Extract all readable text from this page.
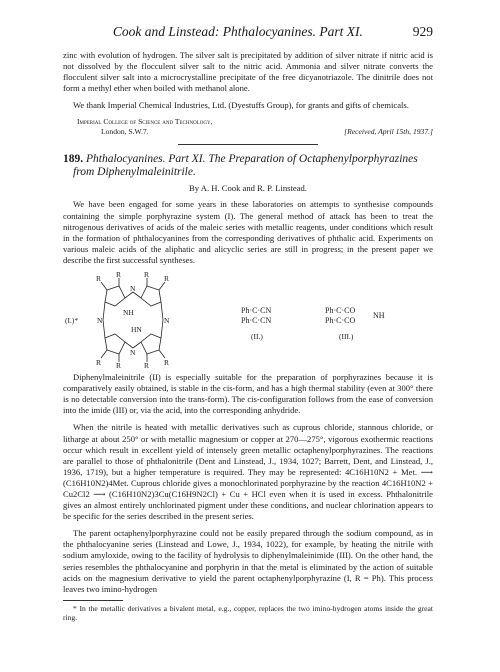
Cook and Linstead: Phthalocyanines. Part XI.	929

zinc with evolution of hydrogen. The silver salt is precipitated by addition of silver nitrate if nitric acid is not dissolved by the flocculent silver salt to the nitric acid. Ammonia and silver nitrate converts the flocculent silver salt into a microcrystalline precipitate of the free dicyanotriazole. The dinitrile does not form a methyl ether when boiled with methanol alone.

We thank Imperial Chemical Industries, Ltd. (Dyestuffs Group), for grants and gifts of chemicals.

Imperial College of Science and Technology,
London, S.W.7.	[Received, April 15th, 1937.]
189. Phthalocyanines. Part XI. The Preparation of Octaphenylporphyrazines from Diphenylmaleinitrile.
By A. H. Cook and R. P. Linstead.

We have been engaged for some years in these laboratories on attempts to synthesise compounds containing the simple porphyrazine system (I). The general method of attack has been to treat the nitrogenous derivatives of acids of the maleic series with metallic reagents, under conditions which result in the formation of phthalocyanines from the corresponding derivatives of phthalic acid. Experiments on various maleic acids of the aliphatic and alicyclic series are still in progress; in the present paper we describe the first successful syntheses.

R R	R R
R R	R R
N
N	N
N
NH
HN
(I.)*
Ph·C·CN
Ph·C·CN
(II.)
Ph·C·CO
Ph·C·CO
NH
(III.)

Diphenylmaleinitrile (II) is especially suitable for the preparation of porphyrazines because it is comparatively easily obtained, is stable in the cis-form, and has a high thermal stability (even at 300° there is no detectable conversion into the trans-form). The cis-configuration follows from the ease of conversion into the imide (III) or, via the acid, into the corresponding anhydride.

When the nitrile is heated with metallic derivatives such as cuprous chloride, stannous chloride, or litharge at about 250° or with metallic magnesium or copper at 270—275°, vigorous exothermic reactions occur which result in excellent yield of intensely green metallic octaphenylporphyrazines. The reactions are parallel to those of phthalonitrile (Dent and Linstead, J., 1934, 1027; Barrett, Dent, and Linstead, J., 1936, 1719), but a higher temperature is required. They may be represented: 4C16H10N2 + Met. ⟶ (C16H10N2)4Met. Cuprous chloride gives a monochlorinated porphyrazine by the reaction 4C16H10N2 + Cu2Cl2 ⟶ (C16H10N2)3Cu(C16H9N2Cl) + Cu + HCl even when it is used in excess. Phthalonitrile gives an almost entirely unchlorinated pigment under these conditions, and nuclear chlorination appears to be specific for the series described in the present series.

The parent octaphenylporphyrazine could not be easily prepared through the sodium compound, as in the phthalocyanine series (Linstead and Lowe, J., 1934, 1022), for example, by heating the nitrile with sodium amyloxide, owing to the facility of hydrolysis to diphenylmaleinimide (III). On the other hand, the series resembles the phthalocyanine and porphyrin in that the metal is eliminated by the action of suitable acids on the magnesium derivative to yield the parent octaphenylporphyrazine (I, R = Ph). This process leaves two imino-hydrogen

* In the metallic derivatives a bivalent metal, e.g., copper, replaces the two imino-hydrogen atoms inside the great ring.
